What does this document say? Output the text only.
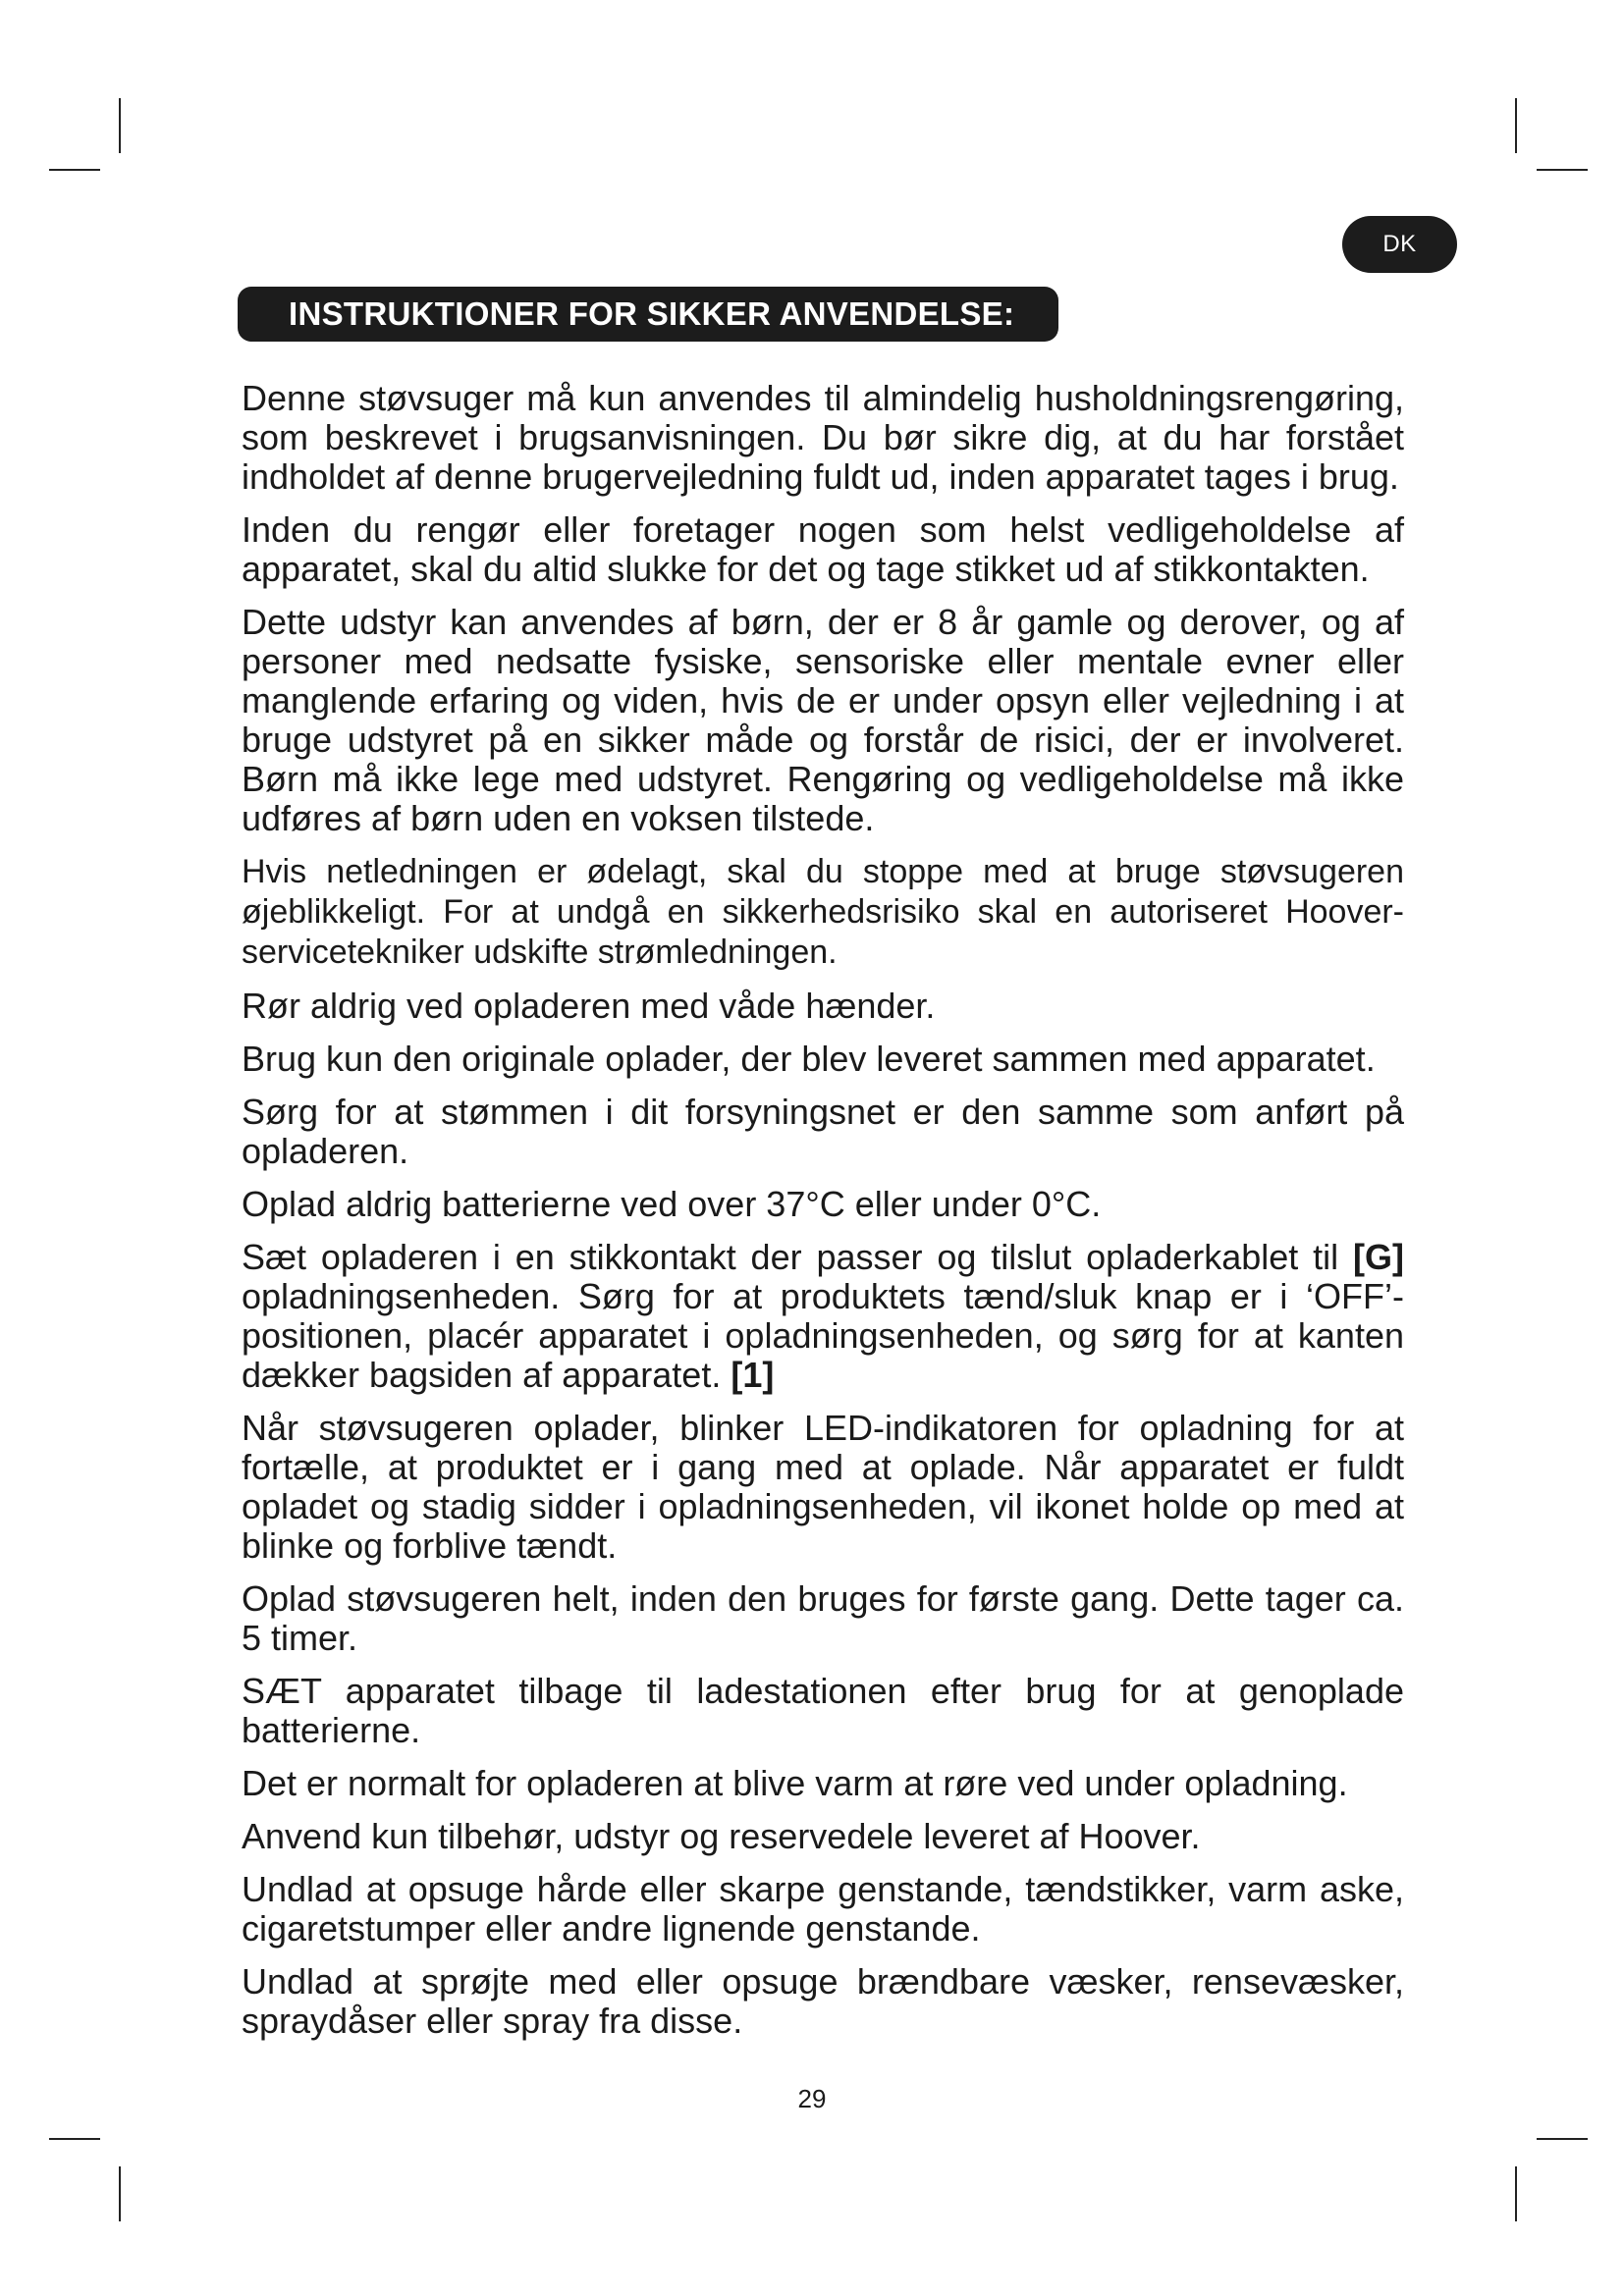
DK
INSTRUKTIONER FOR SIKKER ANVENDELSE:

Denne støvsuger må kun anvendes til almindelig husholdningsrengøring, som beskrevet i brugsanvisningen. Du bør sikre dig, at du har forstået indholdet af denne brugervejledning fuldt ud, inden apparatet tages i brug.

Inden du rengør eller foretager nogen som helst vedligeholdelse af apparatet, skal du altid slukke for det og tage stikket ud af stikkontakten.

Dette udstyr kan anvendes af børn, der er 8 år gamle og derover, og af personer med nedsatte fysiske, sensoriske eller mentale evner eller manglende erfaring og viden, hvis de er under opsyn eller vejledning i at bruge udstyret på en sikker måde og forstår de risici, der er involveret. Børn må ikke lege med udstyret. Rengøring og vedligeholdelse må ikke udføres af børn uden en voksen tilstede.

Hvis netledningen er ødelagt, skal du stoppe med at bruge støvsugeren øjeblikkeligt. For at undgå en sikkerhedsrisiko skal en autoriseret Hoover-servicetekniker udskifte strømledningen.

Rør aldrig ved opladeren med våde hænder.

Brug kun den originale oplader, der blev leveret sammen med apparatet.

Sørg for at stømmen i dit forsyningsnet er den samme som anført på opladeren.

Oplad aldrig batterierne ved over 37°C eller under 0°C.

Sæt opladeren i en stikkontakt der passer og tilslut opladerkablet til [G] opladningsenheden. Sørg for at produktets tænd/sluk knap er i ‘OFF’-positionen, placér apparatet i opladningsenheden, og sørg for at kanten dækker bagsiden af apparatet. [1]

Når støvsugeren oplader, blinker LED-indikatoren for opladning for at fortælle, at produktet er i gang med at oplade. Når apparatet er fuldt opladet og stadig sidder i opladningsenheden, vil ikonet holde op med at blinke og forblive tændt.

Oplad støvsugeren helt, inden den bruges for første gang. Dette tager ca. 5 timer.

SÆT apparatet tilbage til ladestationen efter brug for at genoplade batterierne.

Det er normalt for opladeren at blive varm at røre ved under opladning.

Anvend kun tilbehør, udstyr og reservedele leveret af Hoover.

Undlad at opsuge hårde eller skarpe genstande, tændstikker, varm aske, cigaretstumper eller andre lignende genstande.

Undlad at sprøjte med eller opsuge brændbare væsker, rensevæsker, spraydåser eller spray fra disse.

29
